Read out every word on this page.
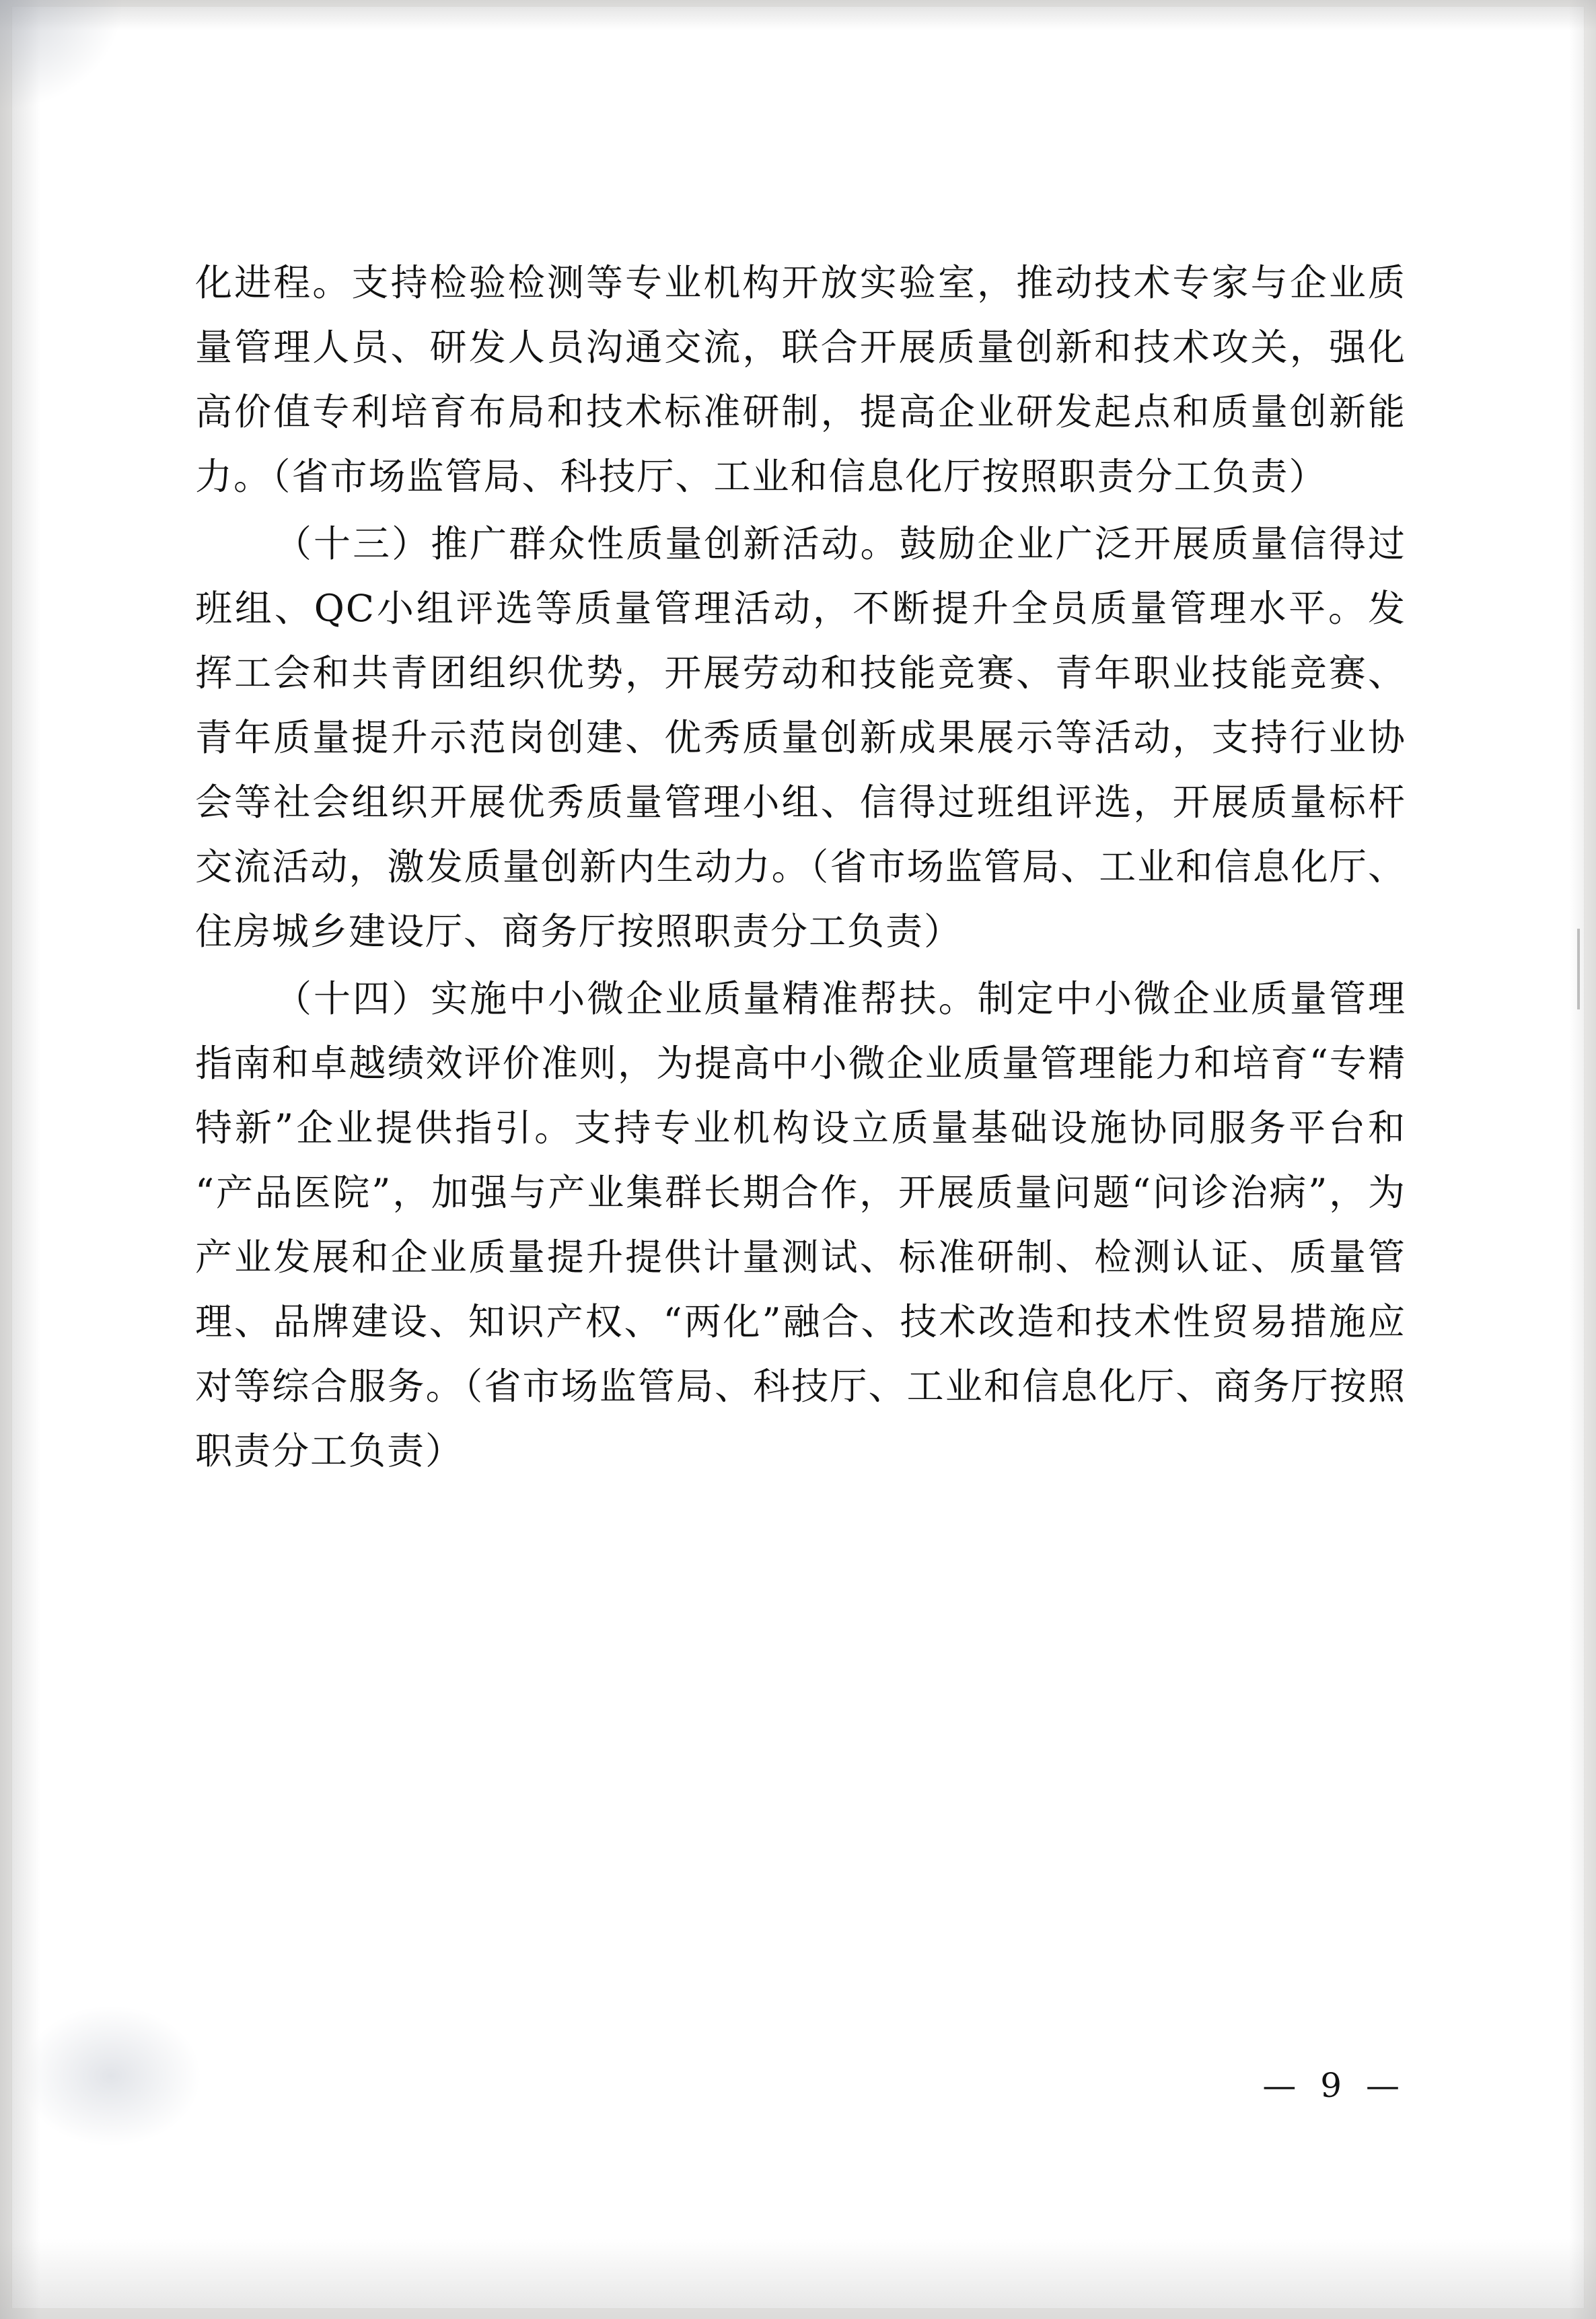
化进程。支持检验检测等专业机构开放实验室，推动技术专家与企业质量管理人员、研发人员沟通交流，联合开展质量创新和技术攻关，强化高价值专利培育布局和技术标准研制，提高企业研发起点和质量创新能力。（省市场监管局、科技厅、工业和信息化厅按照职责分工负责）

（十三）推广群众性质量创新活动。鼓励企业广泛开展质量信得过班组、QC小组评选等质量管理活动，不断提升全员质量管理水平。发挥工会和共青团组织优势，开展劳动和技能竞赛、青年职业技能竞赛、青年质量提升示范岗创建、优秀质量创新成果展示等活动，支持行业协会等社会组织开展优秀质量管理小组、信得过班组评选，开展质量标杆交流活动，激发质量创新内生动力。（省市场监管局、工业和信息化厅、住房城乡建设厅、商务厅按照职责分工负责）

（十四）实施中小微企业质量精准帮扶。制定中小微企业质量管理指南和卓越绩效评价准则，为提高中小微企业质量管理能力和培育“专精特新”企业提供指引。支持专业机构设立质量基础设施协同服务平台和“产品医院”，加强与产业集群长期合作，开展质量问题“问诊治病”，为产业发展和企业质量提升提供计量测试、标准研制、检测认证、质量管理、品牌建设、知识产权、“两化”融合、技术改造和技术性贸易措施应对等综合服务。（省市场监管局、科技厅、工业和信息化厅、商务厅按照职责分工负责）

— 9 —
